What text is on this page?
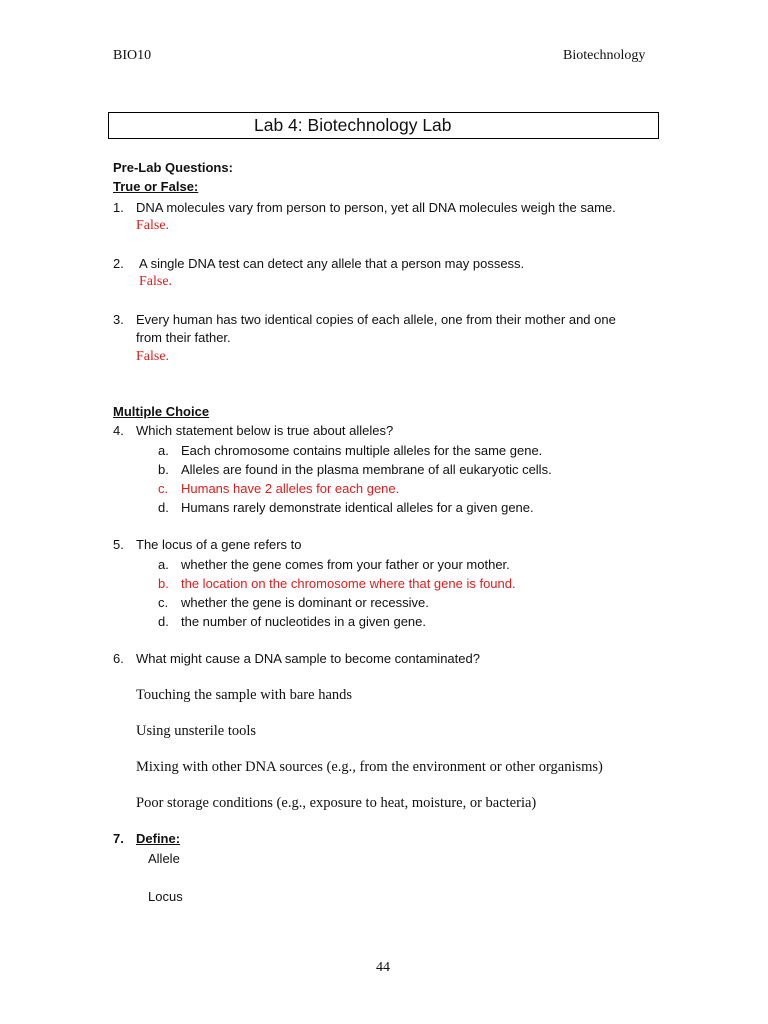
BIO10	Biotechnology
Lab 4: Biotechnology Lab
Pre-Lab Questions:
True or False:
1. DNA molecules vary from person to person, yet all DNA molecules weigh the same.
False.
2. A single DNA test can detect any allele that a person may possess.
False.
3. Every human has two identical copies of each allele, one from their mother and one
from their father.
False.
Multiple Choice
4. Which statement below is true about alleles?
a. Each chromosome contains multiple alleles for the same gene.
b. Alleles are found in the plasma membrane of all eukaryotic cells.
c. Humans have 2 alleles for each gene.
d. Humans rarely demonstrate identical alleles for a given gene.
5. The locus of a gene refers to
a. whether the gene comes from your father or your mother.
b. the location on the chromosome where that gene is found.
c. whether the gene is dominant or recessive.
d. the number of nucleotides in a given gene.
6. What might cause a DNA sample to become contaminated?
Touching the sample with bare hands
Using unsterile tools
Mixing with other DNA sources (e.g., from the environment or other organisms)
Poor storage conditions (e.g., exposure to heat, moisture, or bacteria)
7. Define:
Allele
Locus
44
